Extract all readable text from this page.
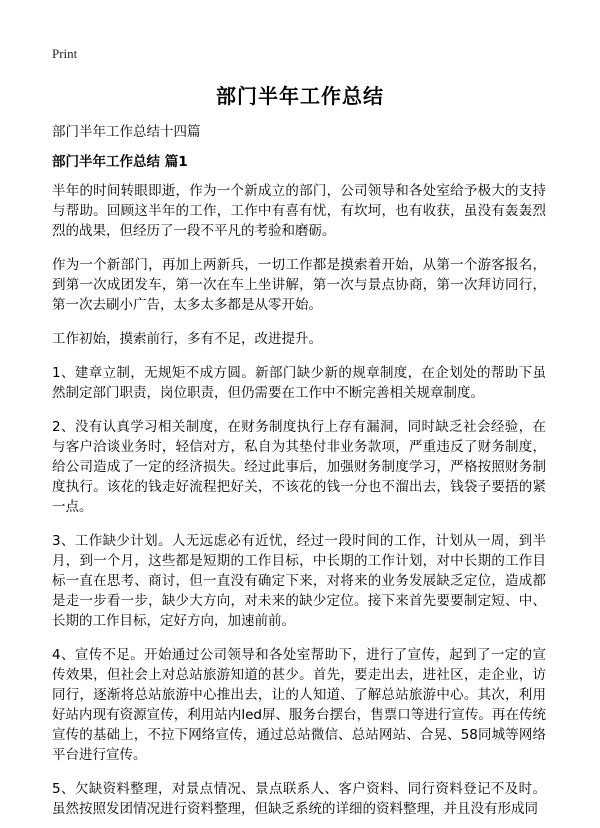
Print
部门半年工作总结

部门半年工作总结十四篇

部门半年工作总结 篇1

半年的时间转眼即逝，作为一个新成立的部门，公司领导和各处室给予极大的支持与帮助。回顾这半年的工作，工作中有喜有忧，有坎坷，也有收获，虽没有轰轰烈烈的战果，但经历了一段不平凡的考验和磨砺。

作为一个新部门，再加上两新兵，一切工作都是摸索着开始，从第一个游客报名，到第一次成团发车，第一次在车上坐讲解，第一次与景点协商，第一次拜访同行，第一次去刷小广告，太多太多都是从零开始。

工作初始，摸索前行，多有不足，改进提升。

1、建章立制，无规矩不成方圆。新部门缺少新的规章制度，在企划处的帮助下虽然制定部门职责，岗位职责，但仍需要在工作中不断完善相关规章制度。

2、没有认真学习相关制度，在财务制度执行上存有漏洞，同时缺乏社会经验，在与客户洽谈业务时，轻信对方，私自为其垫付非业务款项，严重违反了财务制度，给公司造成了一定的经济损失。经过此事后，加强财务制度学习，严格按照财务制度执行。该花的钱走好流程把好关，不该花的钱一分也不溜出去，钱袋子要捂的紧一点。

3、工作缺少计划。人无远虑必有近忧，经过一段时间的工作，计划从一周，到半月，到一个月，这些都是短期的工作目标，中长期的工作计划，对中长期的工作目标一直在思考、商讨，但一直没有确定下来，对将来的业务发展缺乏定位，造成都是走一步看一步，缺少大方向，对未来的缺少定位。接下来首先要要制定短、中、长期的工作目标，定好方向，加速前前。

4、宣传不足。开始通过公司领导和各处室帮助下，进行了宣传，起到了一定的宣传效果，但社会上对总站旅游知道的甚少。首先，要走出去，进社区，走企业，访同行，逐渐将总站旅游中心推出去，让的人知道、了解总站旅游中心。其次，利用好站内现有资源宣传，利用站内led屏、服务台摆台，售票口等进行宣传。再在传统宣传的基础上，不拉下网络宣传，通过总站微信、总站网站、合晃、58同城等网络平台进行宣传。

5、欠缺资料整理，对景点情况、景点联系人、客户资料、同行资料登记不及时。虽然按照发团情况进行资料整理，但缺乏系统的详细的资料整理，并且没有形成同
